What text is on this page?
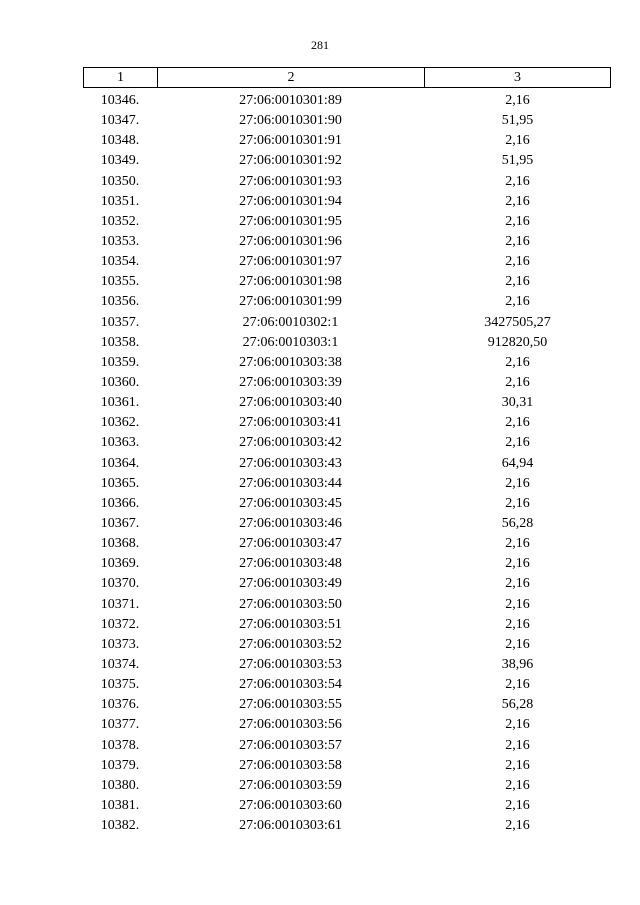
281
1	2	3
10346.	27:06:0010301:89	2,16
10347.	27:06:0010301:90	51,95
10348.	27:06:0010301:91	2,16
10349.	27:06:0010301:92	51,95
10350.	27:06:0010301:93	2,16
10351.	27:06:0010301:94	2,16
10352.	27:06:0010301:95	2,16
10353.	27:06:0010301:96	2,16
10354.	27:06:0010301:97	2,16
10355.	27:06:0010301:98	2,16
10356.	27:06:0010301:99	2,16
10357.	27:06:0010302:1	3427505,27
10358.	27:06:0010303:1	912820,50
10359.	27:06:0010303:38	2,16
10360.	27:06:0010303:39	2,16
10361.	27:06:0010303:40	30,31
10362.	27:06:0010303:41	2,16
10363.	27:06:0010303:42	2,16
10364.	27:06:0010303:43	64,94
10365.	27:06:0010303:44	2,16
10366.	27:06:0010303:45	2,16
10367.	27:06:0010303:46	56,28
10368.	27:06:0010303:47	2,16
10369.	27:06:0010303:48	2,16
10370.	27:06:0010303:49	2,16
10371.	27:06:0010303:50	2,16
10372.	27:06:0010303:51	2,16
10373.	27:06:0010303:52	2,16
10374.	27:06:0010303:53	38,96
10375.	27:06:0010303:54	2,16
10376.	27:06:0010303:55	56,28
10377.	27:06:0010303:56	2,16
10378.	27:06:0010303:57	2,16
10379.	27:06:0010303:58	2,16
10380.	27:06:0010303:59	2,16
10381.	27:06:0010303:60	2,16
10382.	27:06:0010303:61	2,16
